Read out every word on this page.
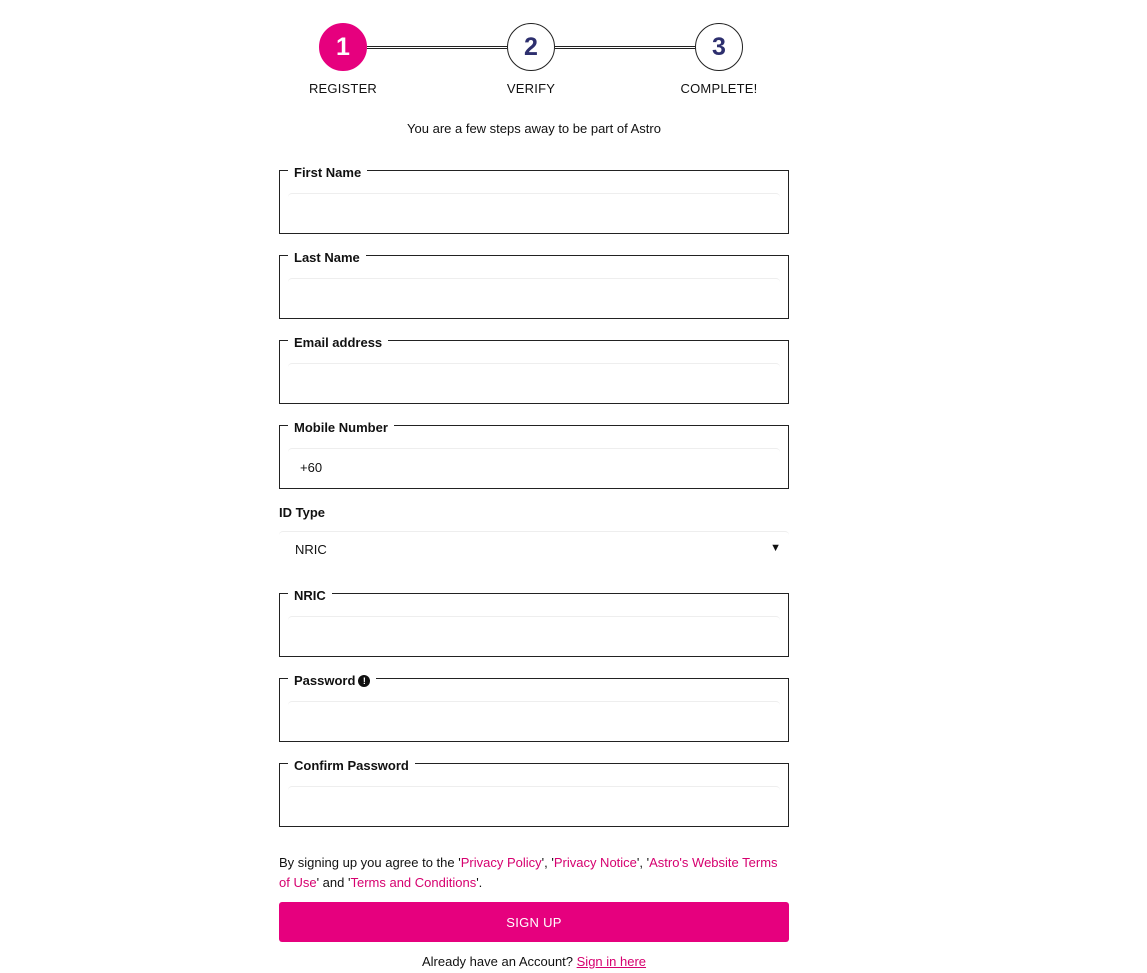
1
REGISTER
2
VERIFY
3
COMPLETE!
You are a few steps away to be part of Astro
First Name
Last Name
Email address
Mobile Number
+60
ID Type
NRIC	▼
NRIC
Password !
Confirm Password
By signing up you agree to the 'Privacy Policy', 'Privacy Notice', 'Astro's Website Terms of Use' and 'Terms and Conditions'.
SIGN UP
Already have an Account? Sign in here
